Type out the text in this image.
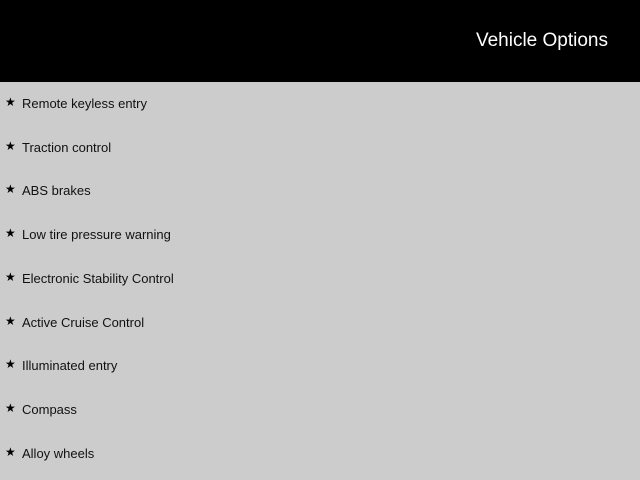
Vehicle Options
★ Remote keyless entry
★ Traction control
★ ABS brakes
★ Low tire pressure warning
★ Electronic Stability Control
★ Active Cruise Control
★ Illuminated entry
★ Compass
★ Alloy wheels
